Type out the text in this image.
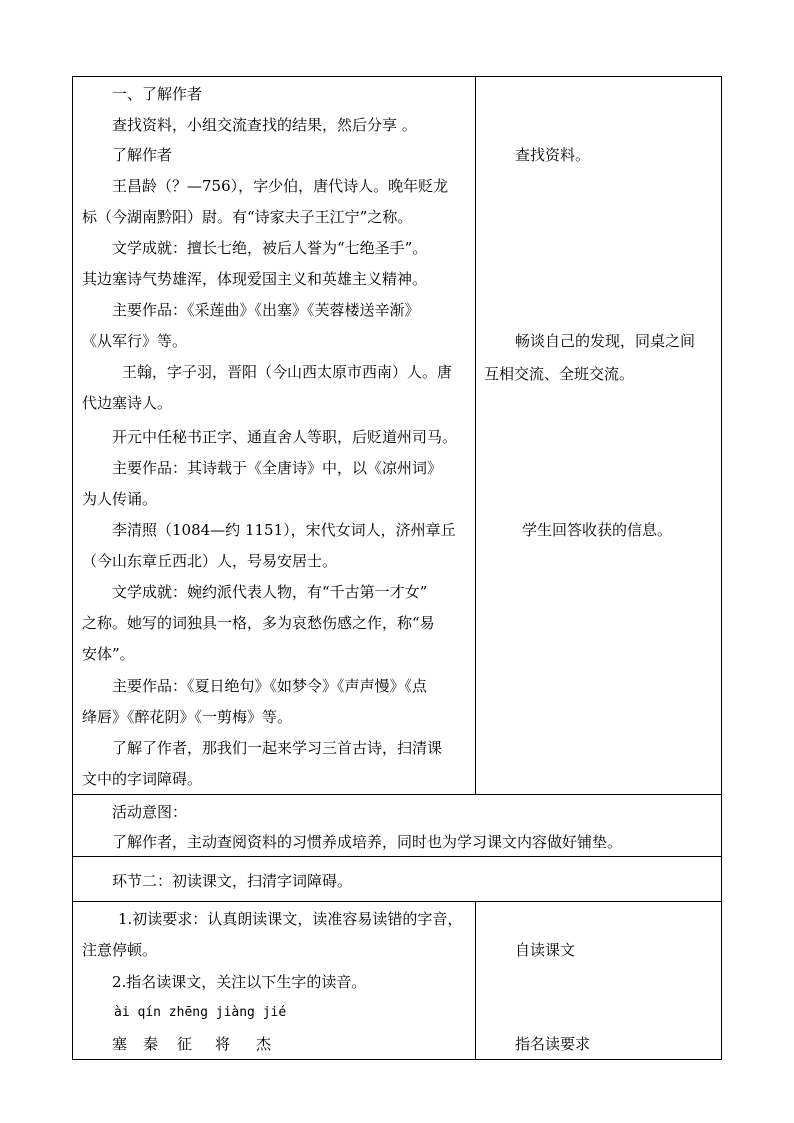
一、了解作者
查找资料，小组交流查找的结果，然后分享 。
了解作者
王昌龄（？—756），字少伯，唐代诗人。晚年贬龙
标（今湖南黔阳）尉。有“诗家夫子王江宁”之称。
文学成就：擅长七绝，被后人誉为“七绝圣手”。
其边塞诗气势雄浑，体现爱国主义和英雄主义精神。
主要作品：《采莲曲》《出塞》《芙蓉楼送辛渐》
《从军行》等。
王翰，字子羽，晋阳（今山西太原市西南）人。唐
代边塞诗人。
开元中任秘书正字、通直舍人等职，后贬道州司马。
主要作品：其诗载于《全唐诗》中，以《凉州词》
为人传诵。
李清照（1084—约 1151），宋代女词人，济州章丘
（今山东章丘西北）人，号易安居士。
文学成就：婉约派代表人物，有“千古第一才女”
之称。她写的词独具一格，多为哀愁伤感之作，称“易
安体”。
主要作品：《夏日绝句》《如梦令》《声声慢》《点
绛唇》《醉花阴》《一剪梅》等。
了解了作者，那我们一起来学习三首古诗，扫清课
文中的字词障碍。
查找资料。
畅谈自己的发现，同桌之间
互相交流、全班交流。
学生回答收获的信息。
活动意图：
了解作者，主动查阅资料的习惯养成培养，同时也为学习课文内容做好铺垫。
环节二：初读课文，扫清字词障碍。
1.初读要求：认真朗读课文，读准容易读错的字音，
注意停顿。
2.指名读课文，关注以下生字的读音。
ài qín zhēng jiàng jié
塞 秦 征 将 杰
自读课文
指名读要求
